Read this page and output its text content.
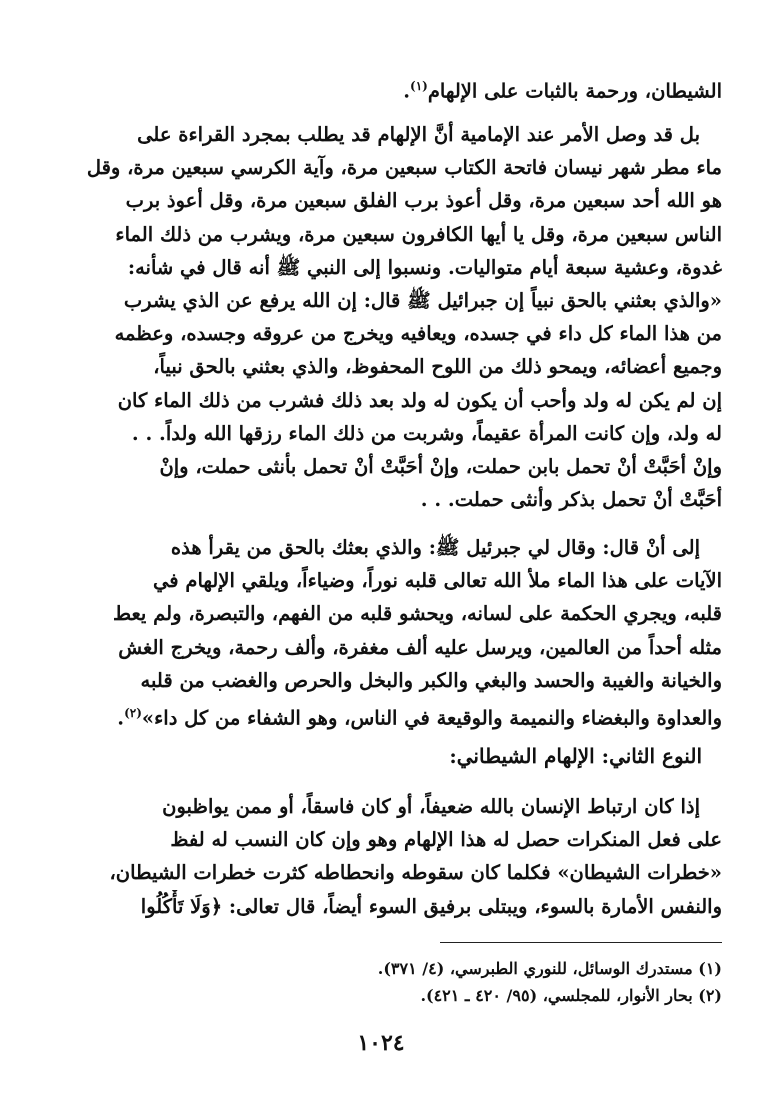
الشيطان، ورحمة بالثبات على الإلهام$^{(١)}$.
بل قد وصل الأمر عند الإمامية أنَّ الإلهام قد يطلب بمجرد القراءة على
ماء مطر شهر نيسان فاتحة الكتاب سبعين مرة، وآية الكرسي سبعين مرة، وقل
هو الله أحد سبعين مرة، وقل أعوذ برب الفلق سبعين مرة، وقل أعوذ برب
الناس سبعين مرة، وقل يا أيها الكافرون سبعين مرة، ويشرب من ذلك الماء
غدوة، وعشية سبعة أيام متواليات. ونسبوا إلى النبي ﷺ أنه قال في شأنه:
«والذي بعثني بالحق نبياً إن جبرائيل ﷺ قال: إن الله يرفع عن الذي يشرب
من هذا الماء كل داء في جسده، ويعافيه ويخرج من عروقه وجسده، وعظمه
وجميع أعضائه، ويمحو ذلك من اللوح المحفوظ، والذي بعثني بالحق نبياً،
إن لم يكن له ولد وأحب أن يكون له ولد بعد ذلك فشرب من ذلك الماء كان
له ولد، وإن كانت المرأة عقيماً، وشربت من ذلك الماء رزقها الله ولداً. . .
وإنْ أحَبَّتْ أنْ تحمل بابن حملت، وإنْ أحَبَّتْ أنْ تحمل بأنثى حملت، وإنْ
أحَبَّتْ أنْ تحمل بذكر وأنثى حملت. . .
إلى أنْ قال: وقال لي جبرئيل ﷺ: والذي بعثك بالحق من يقرأ هذه
الآيات على هذا الماء ملأ الله تعالى قلبه نوراً، وضياءاً، ويلقي الإلهام في
قلبه، ويجري الحكمة على لسانه، ويحشو قلبه من الفهم، والتبصرة، ولم يعط
مثله أحداً من العالمين، ويرسل عليه ألف مغفرة، وألف رحمة، ويخرج الغش
والخيانة والغيبة والحسد والبغي والكبر والبخل والحرص والغضب من قلبه
والعداوة والبغضاء والنميمة والوقيعة في الناس، وهو الشفاء من كل داء»$^{(٢)}$.
النوع الثاني: الإلهام الشيطاني:
إذا كان ارتباط الإنسان بالله ضعيفاً، أو كان فاسقاً، أو ممن يواظبون
على فعل المنكرات حصل له هذا الإلهام وهو وإن كان النسب له لفظ
«خطرات الشيطان» فكلما كان سقوطه وانحطاطه كثرت خطرات الشيطان،
والنفس الأمارة بالسوء، ويبتلى برفيق السوء أيضاً، قال تعالى: ﴿وَلَا تَأْكُلُوا
(١) مستدرك الوسائل، للنوري الطبرسي، (٤/ ٣٧١).
(٢) بحار الأنوار، للمجلسي، (٩٥/ ٤٢٠ ـ ٤٢١).
١٠٢٤
